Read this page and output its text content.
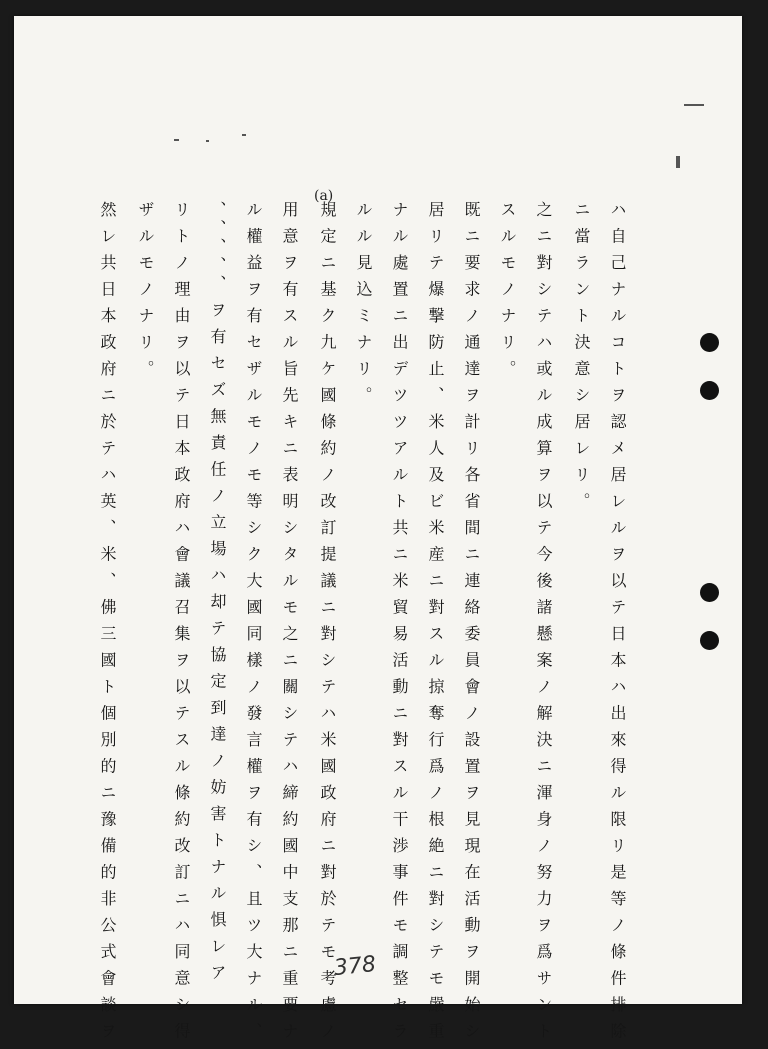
(a)
ハ自己ナルコトヲ認メ居レルヲ以テ日本ハ出來得ル限リ是等ノ條件排除
ニ當ラント決意シ居レリ。
之ニ對シテハ或ル成算ヲ以テ今後諸懸案ノ解決ニ渾身ノ努力ヲ爲サント
スルモノナリ。
既ニ要求ノ通達ヲ計リ各省間ニ連絡委員會ノ設置ヲ見現在活動ヲ開始シ
居リテ爆撃防止、米人及ビ米産ニ對スル掠奪行爲ノ根絶ニ對シテモ嚴重
ナル處置ニ出デツツアルト共ニ米貿易活動ニ對スル干渉事件モ調整セラ
ルル見込ミナリ。
規定ニ基ク九ケ國條約ノ改訂提議ニ對シテハ米國政府ニ對於テモ考慮ノ
用意ヲ有スル旨先キニ表明シタルモ之ニ關シテハ締約國中支那ニ重要ナ
ル權益ヲ有セザルモノモ等シク大國同樣ノ發言權ヲ有シ、且ツ大ナル、
、、、、、ヲ有セズ無責任ノ立場ハ却テ協定到達ノ妨害トナル惧レア
リトノ理由ヲ以テ日本政府ハ會議召集ヲ以テスル條約改訂ニハ同意シ得
ザルモノナリ。
然レ共日本政府ニ於テハ英、米、佛三國ト個別的ニ豫備的非公式會談ヲ	378
